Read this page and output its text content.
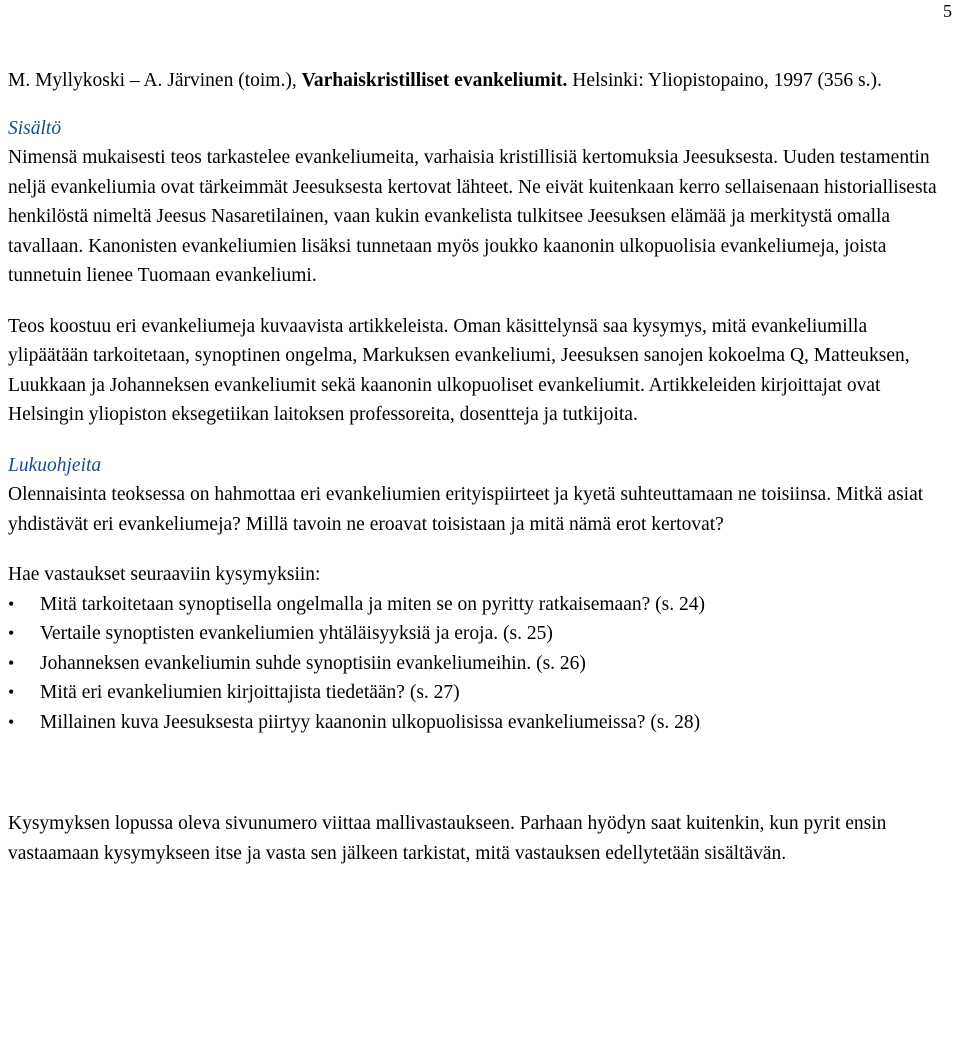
5

M. Myllykoski – A. Järvinen (toim.), Varhaiskristilliset evankeliumit. Helsinki: Yliopistopaino, 1997 (356 s.).

Sisältö

Nimensä mukaisesti teos tarkastelee evankeliumeita, varhaisia kristillisiä kertomuksia Jeesuksesta. Uuden testamentin neljä evankeliumia ovat tärkeimmät Jeesuksesta kertovat lähteet. Ne eivät kuitenkaan kerro sellaisenaan historiallisesta henkilöstä nimeltä Jeesus Nasaretilainen, vaan kukin evankelista tulkitsee Jeesuksen elämää ja merkitystä omalla tavallaan. Kanonisten evankeliumien lisäksi tunnetaan myös joukko kaanonin ulkopuolisia evankeliumeja, joista tunnetuin lienee Tuomaan evankeliumi.

Teos koostuu eri evankeliumeja kuvaavista artikkeleista. Oman käsittelynsä saa kysymys, mitä evankeliumilla ylipäätään tarkoitetaan, synoptinen ongelma, Markuksen evankeliumi, Jeesuksen sanojen kokoelma Q, Matteuksen, Luukkaan ja Johanneksen evankeliumit sekä kaanonin ulkopuoliset evankeliumit. Artikkeleiden kirjoittajat ovat Helsingin yliopiston eksegetiikan laitoksen professoreita, dosentteja ja tutkijoita.

Lukuohjeita

Olennaisinta teoksessa on hahmottaa eri evankeliumien erityispiirteet ja kyetä suhteuttamaan ne toisiinsa. Mitkä asiat yhdistävät eri evankeliumeja? Millä tavoin ne eroavat toisistaan ja mitä nämä erot kertovat?

Hae vastaukset seuraaviin kysymyksiin:

• Mitä tarkoitetaan synoptisella ongelmalla ja miten se on pyritty ratkaisemaan? (s. 24)
• Vertaile synoptisten evankeliumien yhtäläisyyksiä ja eroja. (s. 25)
• Johanneksen evankeliumin suhde synoptisiin evankeliumeihin. (s. 26)
• Mitä eri evankeliumien kirjoittajista tiedetään? (s. 27)
• Millainen kuva Jeesuksesta piirtyy kaanonin ulkopuolisissa evankeliumeissa? (s. 28)

Kysymyksen lopussa oleva sivunumero viittaa mallivastaukseen. Parhaan hyödyn saat kuitenkin, kun pyrit ensin vastaamaan kysymykseen itse ja vasta sen jälkeen tarkistat, mitä vastauksen edellytetään sisältävän.
